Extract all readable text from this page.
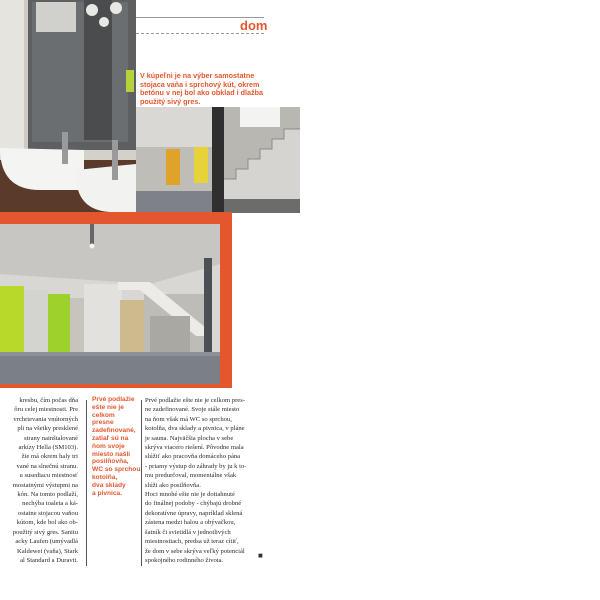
dom
V kúpeľni je na výber samostatne
stojaca vaňa i sprchový kút, okrem
betónu v nej bol ako obklad i dlažba
použitý sivý gres.

kresbu, čím počas dňa

ôru celej miestnosti. Pre

vrchrievania vnútorných

pli na všetky presklené

strany nainštalované

arkízy Hella (SM103).

žie má okrem haly tri

vané na slnečnú stranu.

u susediacu miestnosť

mostatnými výstupmi na

kón. Na tomto podlaží,

nechýba toaleta a ká-

ostatne stojacou vaňou

kútom, kde bol ako ob-

použitý sivý gres. Sanitu

acky Laufen (umývadlá

Kaldewei (vaňa), Stark

al Standard a Duravit.

Prvé podlažie
ešte nie je
celkom
presne
zadefinované,
zatiaľ sú na
ňom svoje
miesto našli
posilňovňa,
WC so sprchou,
kotolňa,
dva sklady
a pivnica.

Prvé podlažie ešte nie je celkom pres-

ne zadefinované. Svoje stále miesto

na ňom však má WC so sprchou,

kotolňa, dva sklady a pivnica, v pláne

je sauna. Najväčšia plocha v sebe

skrýva viacero riešení. Pôvodne mala

slúžiť ako pracovňa domáceho pána

- priamy výstup do záhrady by ju k to-

mu predurčoval, momentálne však

slúži ako posilňovňa.

Hoci mnohé ešte nie je dotiahnuté

do finálnej podoby - chýbajú drobné

dekoratívne úpravy, napríklad sklená

zástena medzi halou a obývačkou,

šatník či svietidlá v jednotlivých

miestnostiach, predsa už teraz cítiť,

že dom v sebe skrýva veľký potenciál

spokojného rodinného života.

■
